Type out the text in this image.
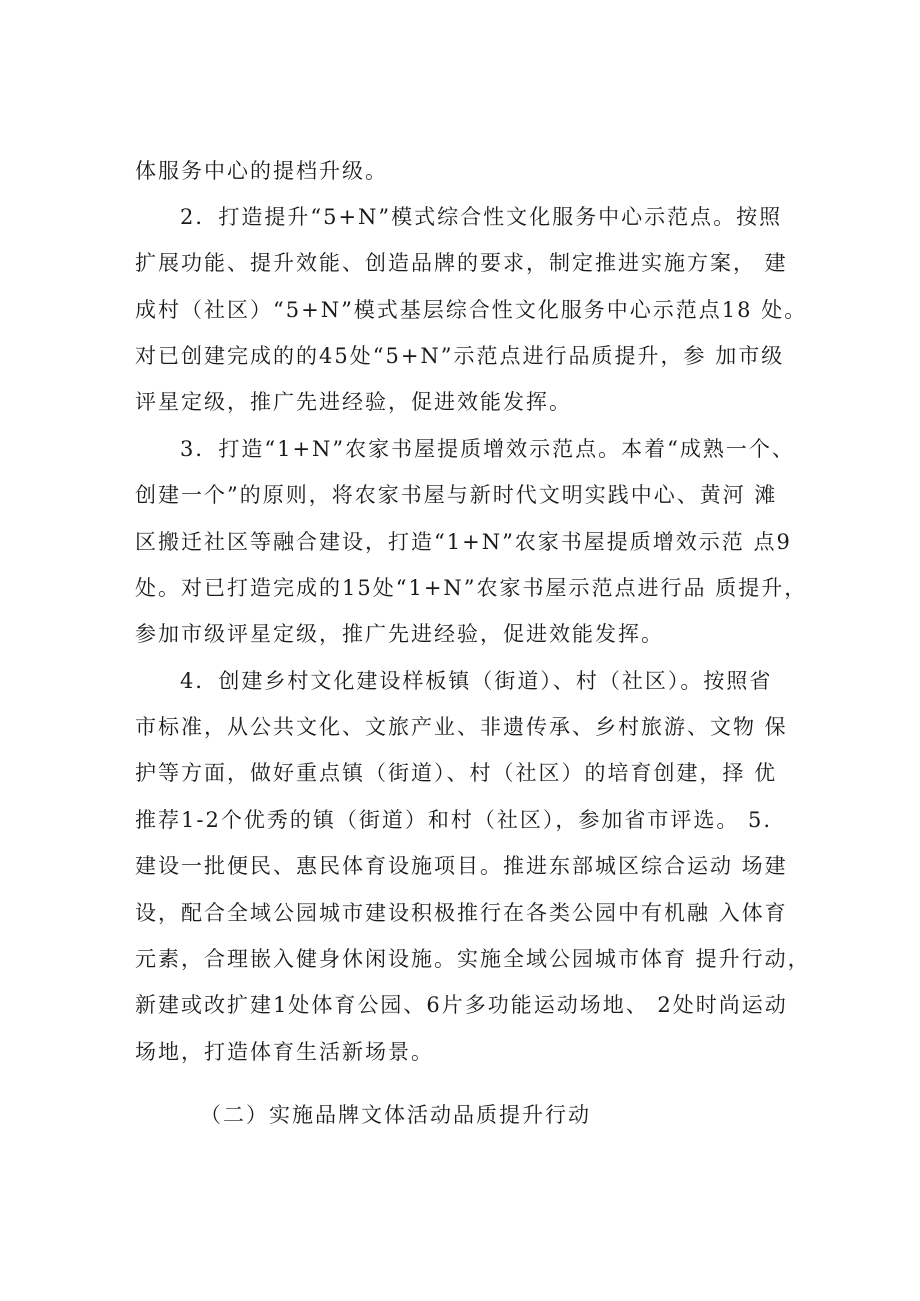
体服务中心的提档升级。

2．打造提升“5+N”模式综合性文化服务中心示范点。按照

扩展功能、提升效能、创造品牌的要求，制定推进实施方案， 建

成村（社区）“5+N”模式基层综合性文化服务中心示范点18 处。

对已创建完成的的45处“5+N”示范点进行品质提升，参 加市级

评星定级，推广先进经验，促进效能发挥。

3．打造“1+N”农家书屋提质增效示范点。本着“成熟一个、

创建一个”的原则，将农家书屋与新时代文明实践中心、黄河 滩

区搬迁社区等融合建设，打造“1+N”农家书屋提质增效示范 点9

处。对已打造完成的15处“1+N”农家书屋示范点进行品 质提升，

参加市级评星定级，推广先进经验，促进效能发挥。

4．创建乡村文化建设样板镇（街道）、村（社区）。按照省

市标准，从公共文化、文旅产业、非遗传承、乡村旅游、文物 保

护等方面，做好重点镇（街道）、村（社区）的培育创建，择 优

推荐1-2个优秀的镇（街道）和村（社区），参加省市评选。 5.

建设一批便民、惠民体育设施项目。推进东部城区综合运动 场建

设，配合全域公园城市建设积极推行在各类公园中有机融 入体育

元素，合理嵌入健身休闲设施。实施全域公园城市体育 提升行动，

新建或改扩建1处体育公园、6片多功能运动场地、 2处时尚运动

场地，打造体育生活新场景。

（二）实施品牌文体活动品质提升行动
